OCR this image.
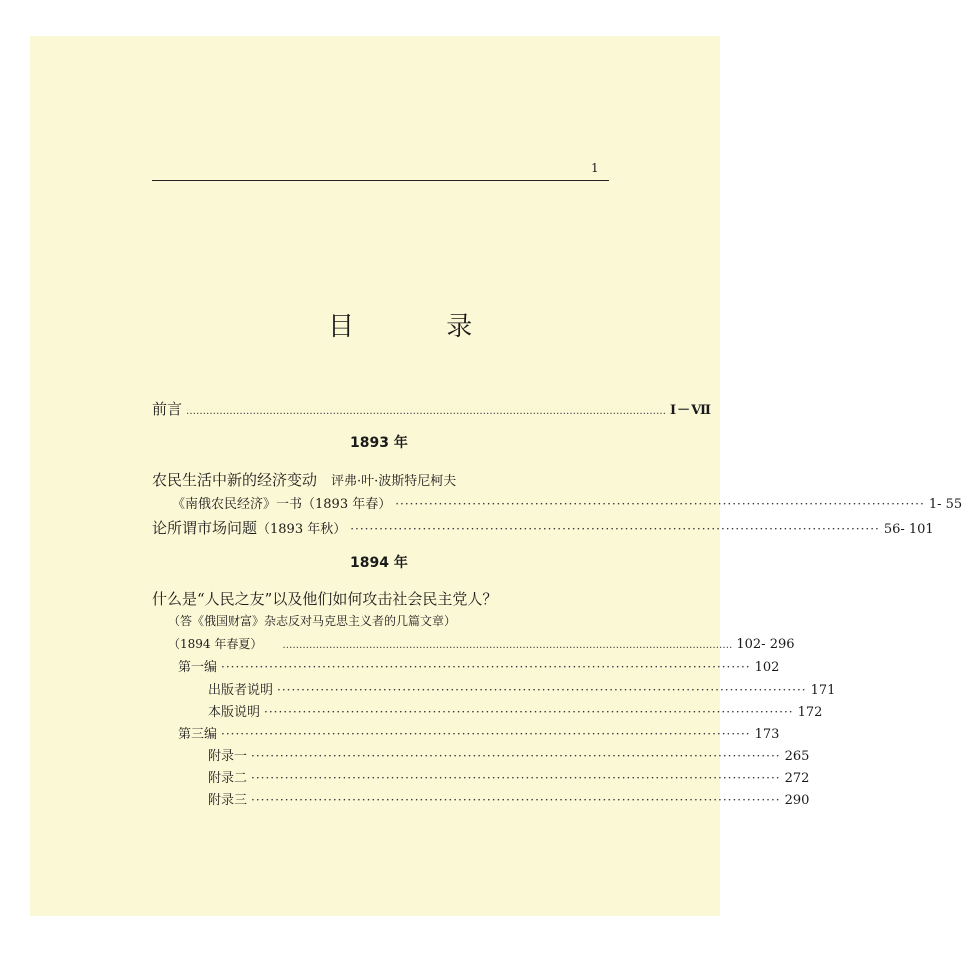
1
目 录
前言 ……………………………………………………………………………………………………………………………… Ⅰ－Ⅶ
1893 年
农民生活中新的经济变动 评弗·叶·波斯特尼柯夫
《南俄农民经济》一书（1893 年春） ·············································································································· 1- 55
论所谓市场问题 （1893 年秋） ·············································································································· 56- 101
1894 年
什么是“人民之友”以及他们如何攻击社会民主党人？
（答《俄国财富》杂志反对马克思主义者的几篇文章）
（1894 年春夏） ……………………………………………………………………………………………………………………… 102- 296
第一编 ·············································································································· 102
出版者说明 ·············································································································· 171
本版说明 ·············································································································· 172
第三编 ·············································································································· 173
附录一 ·············································································································· 265
附录二 ·············································································································· 272
附录三 ·············································································································· 290
